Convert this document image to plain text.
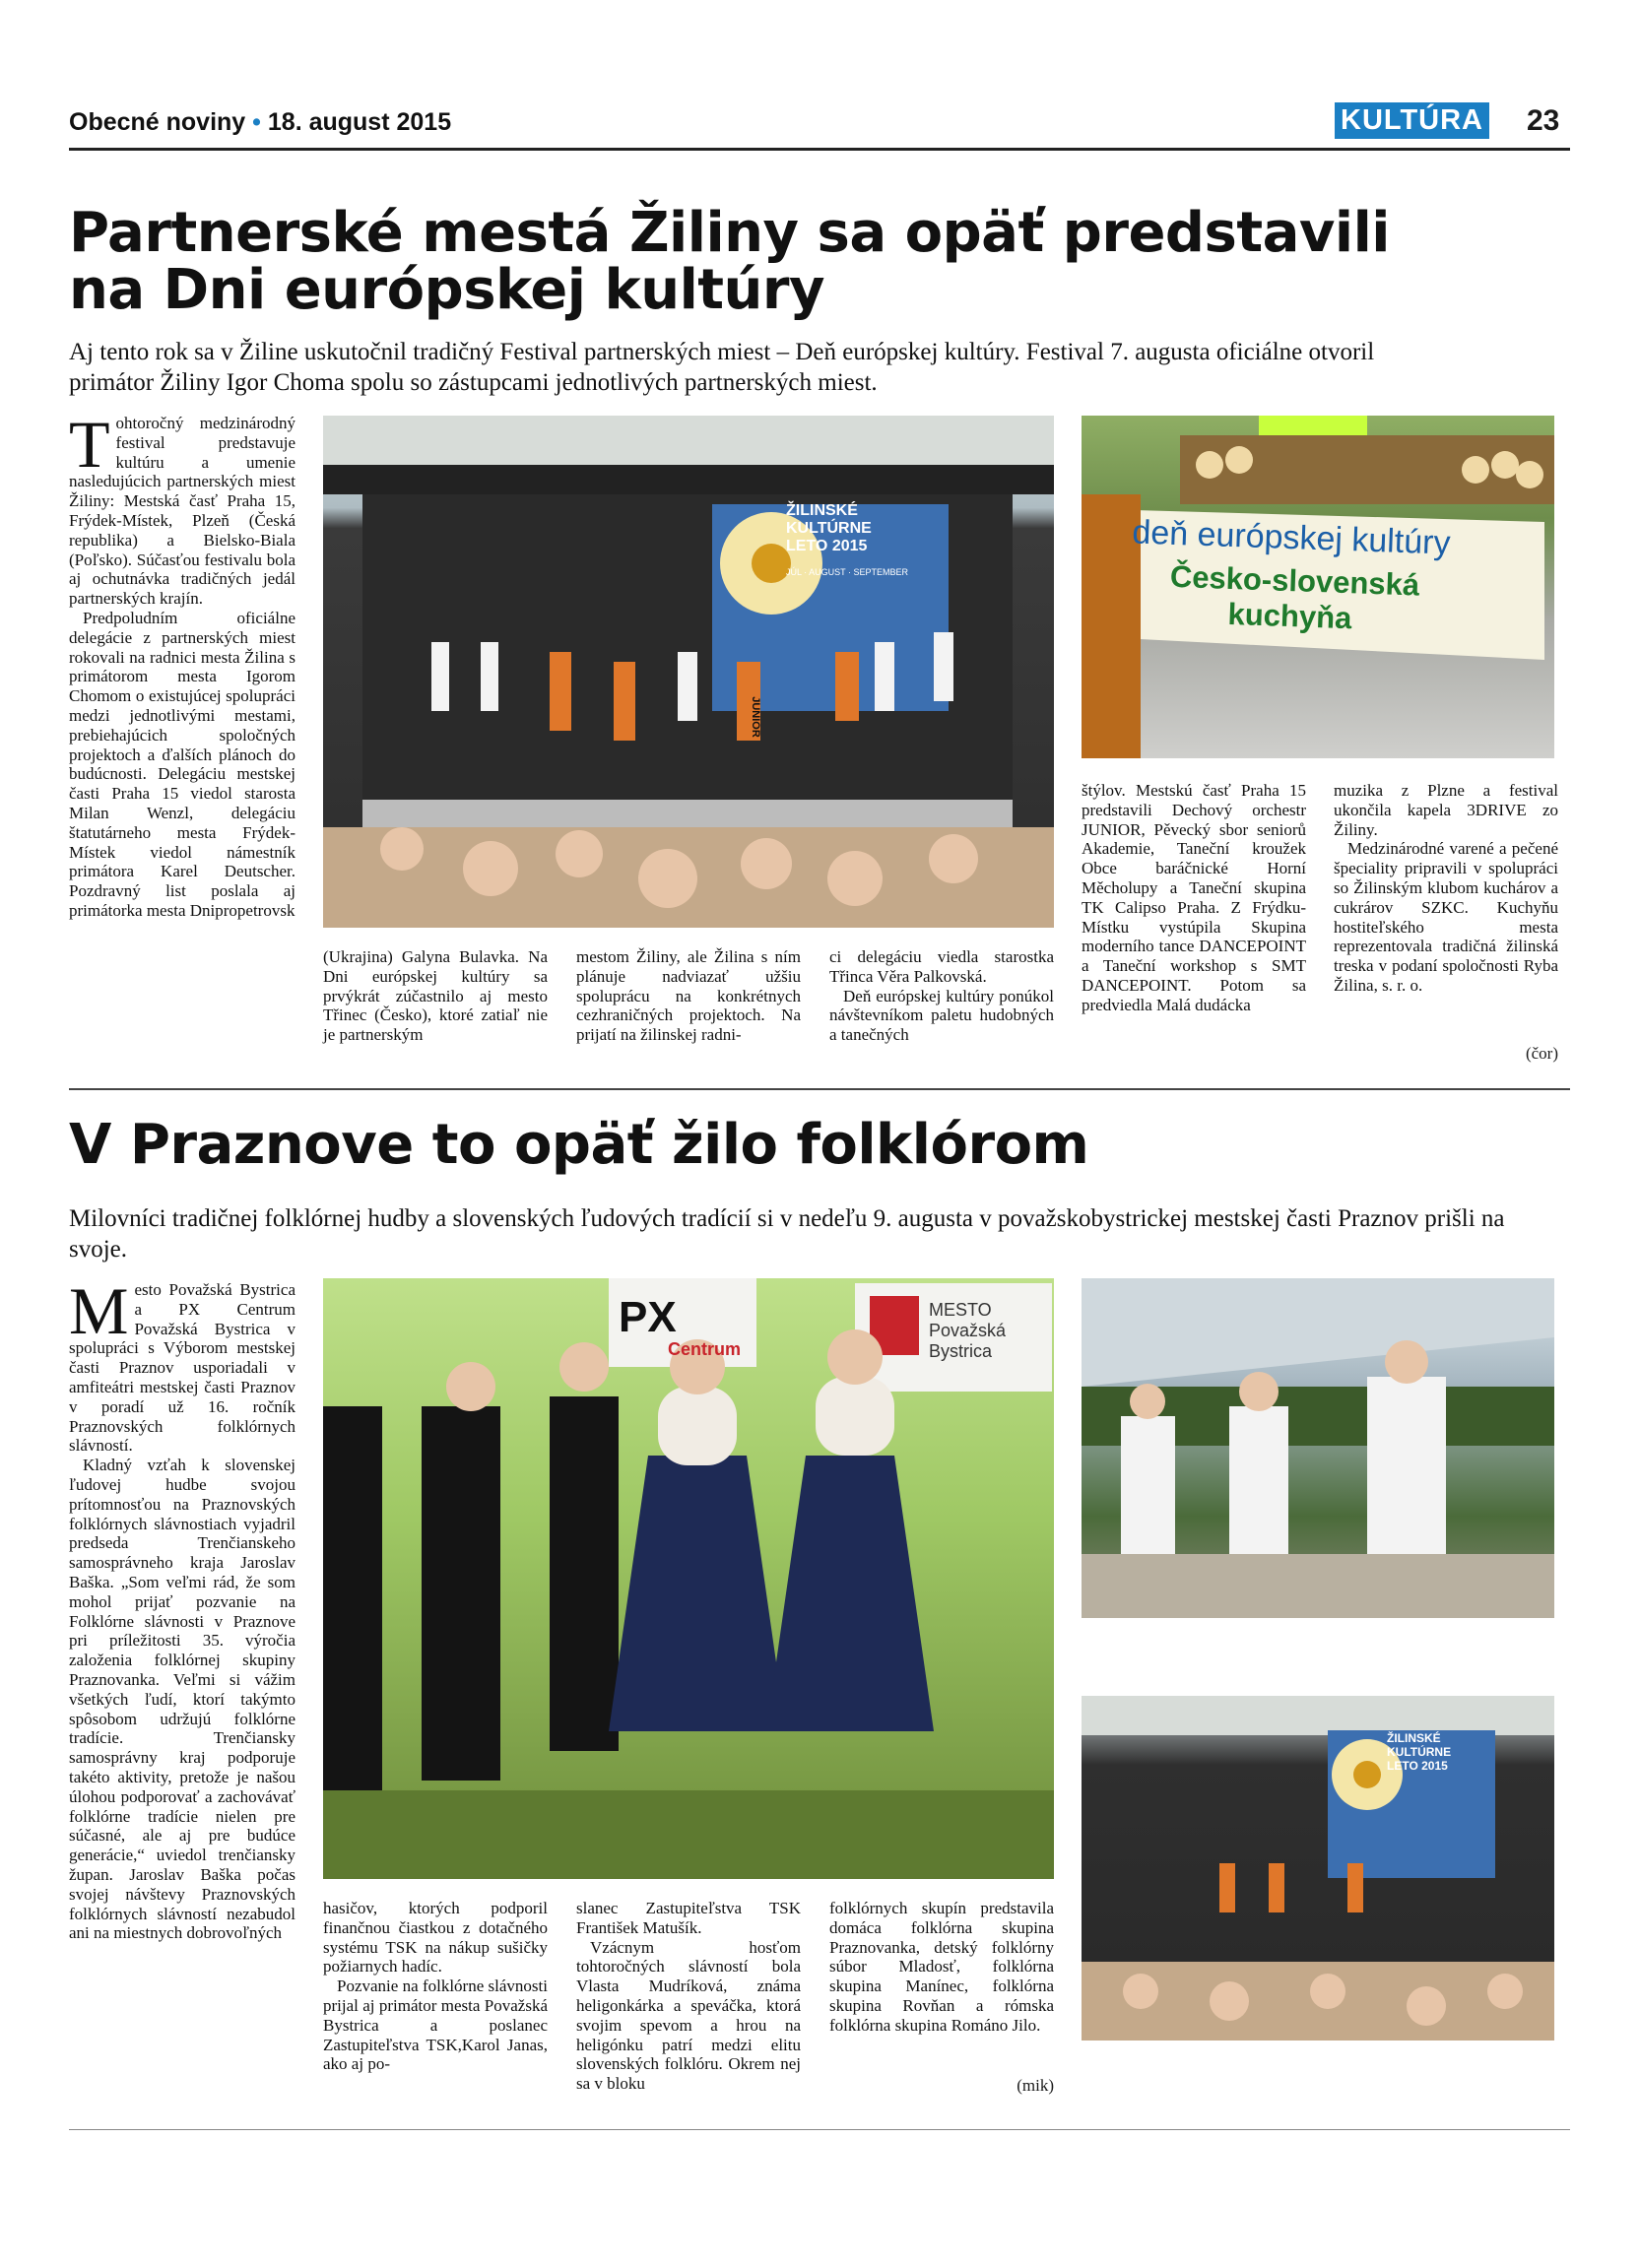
Obecné noviny • 18. august 2015	KULTÚRA 23

Partnerské mestá Žiliny sa opäť predstavili

na Dni európskej kultúry

Aj tento rok sa v Žiline uskutočnil tradičný Festival partnerských miest – Deň európskej kultúry. Festival 7. augusta oficiálne otvoril primátor Žiliny Igor Choma spolu so zástupcami jednotlivých partnerských miest.

T ohtoročný medzinárodný festival predstavuje kultúru a umenie nasledujúcich partnerských miest Žiliny: Mestská časť Praha 15, Frýdek-Místek, Plzeň (Česká republika) a Bielsko-Biala (Poľsko). Súčasťou festivalu bola aj ochutnávka tradičných jedál partnerských krajín.

Predpoludním oficiálne delegácie z partnerských miest rokovali na radnici mesta Žilina s primátorom mesta Igorom Chomom o existujúcej spolupráci medzi jednotlivými mestami, prebiehajúcich spoločných projektoch a ďalších plánoch do budúcnosti. Delegáciu mestskej časti Praha 15 viedol starosta Milan Wenzl, delegáciu štatutárneho mesta Frýdek-Místek viedol námestník primátora Karel Deutscher. Pozdravný list poslala aj primátorka mesta Dnipropetrovsk

ŽILINSKÉ
KULTÚRNE
LETO 2015
JÚL · AUGUST · SEPTEMBER
JUNIOR
deň európskej kultúry
Česko-slovenská
kuchyňa

(Ukrajina) Galyna Bulavka. Na Dni európskej kultúry sa prvýkrát zúčastnilo aj mesto Třinec (Česko), ktoré zatiaľ nie je partnerským

mestom Žiliny, ale Žilina s ním plánuje nadviazať užšiu spoluprácu na konkrétnych cezhraničných projektoch. Na prijatí na žilinskej radni-

ci delegáciu viedla starostka Třinca Věra Palkovská.

Deň európskej kultúry ponúkol návštevníkom paletu hudobných a tanečných

štýlov. Mestskú časť Praha 15 predstavili Dechový orchestr JUNIOR, Pěvecký sbor seniorů Akademie, Taneční kroužek Obce baráčnické Horní Měcholupy a Taneční skupina TK Calipso Praha. Z Frýdku-Místku vystúpila Skupina moderního tance DANCEPOINT a Taneční workshop s SMT DANCEPOINT. Potom sa predviedla Malá dudácka

muzika z Plzne a festival ukončila kapela 3DRIVE zo Žiliny.

Medzinárodné varené a pečené špeciality pripravili v spolupráci so Žilinským klubom kuchárov a cukrárov SZKC. Kuchyňu hostiteľského mesta reprezentovala tradičná žilinská treska v podaní spoločnosti Ryba Žilina, s. r. o.

(čor)

V Praznove to opäť žilo folklórom

Milovníci tradičnej folklórnej hudby a slovenských ľudových tradícií si v nedeľu 9. augusta v považskobystrickej mestskej časti Praznov prišli na svoje.

M esto Považská Bystrica a PX Centrum Považská Bystrica v spolupráci s Výborom mestskej časti Praznov usporiadali v amfiteátri mestskej časti Praznov v poradí už 16. ročník Praznovských folklórnych slávností.

Kladný vzťah k slovenskej ľudovej hudbe svojou prítomnosťou na Praznovských folklórnych slávnostiach vyjadril predseda Trenčianskeho samosprávneho kraja Jaroslav Baška. „Som veľmi rád, že som mohol prijať pozvanie na Folklórne slávnosti v Praznove pri príležitosti 35. výročia založenia folklórnej skupiny Praznovanka. Veľmi si vážim všetkých ľudí, ktorí takýmto spôsobom udržujú folklórne tradície. Trenčiansky samosprávny kraj podporuje takéto aktivity, pretože je našou úlohou podporovať a zachovávať folklórne tradície nielen pre súčasné, ale aj pre budúce generácie,“ uviedol trenčiansky župan. Jaroslav Baška počas svojej návštevy Praznovských folklórnych slávností nezabudol ani na miestnych dobrovoľných

PX
Centrum
MESTO
Považská
Bystrica
ŽILINSKÉ
KULTÚRNE
LETO 2015

hasičov, ktorých podporil finančnou čiastkou z dotačného systému TSK na nákup sušičky požiarnych hadíc.

Pozvanie na folklórne slávnosti prijal aj primátor mesta Považská Bystrica a poslanec Zastupiteľstva TSK,Karol Janas, ako aj po-

slanec Zastupiteľstva TSK František Matušík.

Vzácnym hosťom tohtoročných slávností bola Vlasta Mudríková, známa heligonkárka a speváčka, ktorá svojim spevom a hrou na heligónku patrí medzi elitu slovenských folklóru. Okrem nej sa v bloku

folklórnych skupín predstavila domáca folklórna skupina Praznovanka, detský folklórny súbor Mladosť, folklórna skupina Manínec, folklórna skupina Rovňan a rómska folklórna skupina Románo Jilo.

(mik)
